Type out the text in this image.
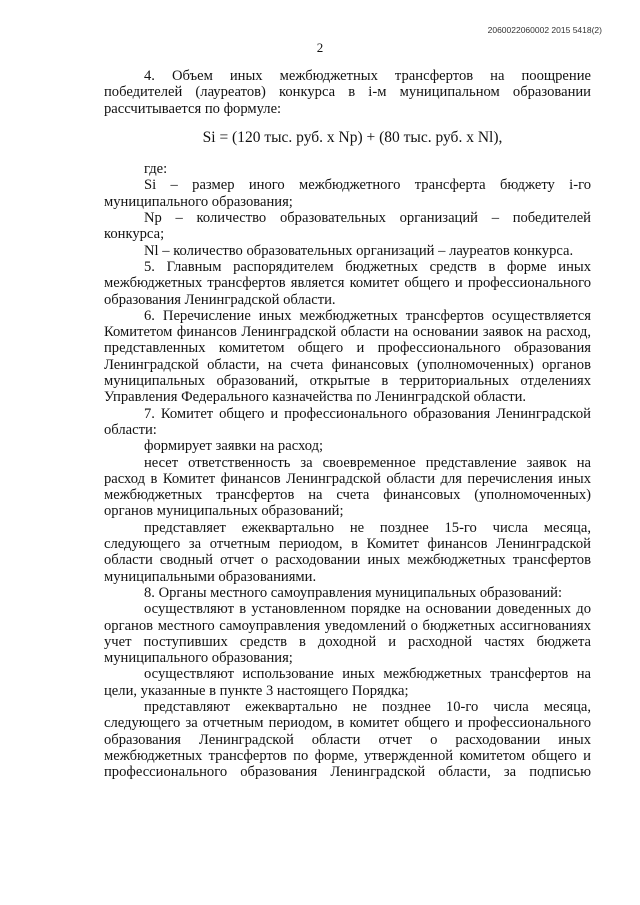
2060022060002 2015 5418(2)
2
4. Объем иных межбюджетных трансфертов на поощрение победителей (лауреатов) конкурса в i-м муниципальном образовании рассчитывается по формуле:
Si = (120 тыс. руб. x Np) + (80 тыс. руб. x Nl),
где:
Si – размер иного межбюджетного трансферта бюджету i-го муниципального образования;
Np – количество образовательных организаций – победителей конкурса;
Nl – количество образовательных организаций – лауреатов конкурса.
5. Главным распорядителем бюджетных средств в форме иных межбюджетных трансфертов является комитет общего и профессионального образования Ленинградской области.
6. Перечисление иных межбюджетных трансфертов осуществляется Комитетом финансов Ленинградской области на основании заявок на расход, представленных комитетом общего и профессионального образования Ленинградской области, на счета финансовых (уполномоченных) органов муниципальных образований, открытые в территориальных отделениях Управления Федерального казначейства по Ленинградской области.
7. Комитет общего и профессионального образования Ленинградской области:
формирует заявки на расход;
несет ответственность за своевременное представление заявок на расход в Комитет финансов Ленинградской области для перечисления иных межбюджетных трансфертов на счета финансовых (уполномоченных) органов муниципальных образований;
представляет ежеквартально не позднее 15-го числа месяца, следующего за отчетным периодом, в Комитет финансов Ленинградской области сводный отчет о расходовании иных межбюджетных трансфертов муниципальными образованиями.
8. Органы местного самоуправления муниципальных образований:
осуществляют в установленном порядке на основании доведенных до органов местного самоуправления уведомлений о бюджетных ассигнованиях учет поступивших средств в доходной и расходной частях бюджета муниципального образования;
осуществляют использование иных межбюджетных трансфертов на цели, указанные в пункте 3 настоящего Порядка;
представляют ежеквартально не позднее 10-го числа месяца, следующего за отчетным периодом, в комитет общего и профессионального образования Ленинградской области отчет о расходовании иных межбюджетных трансфертов по форме, утвержденной комитетом общего и профессионального образования Ленинградской области, за подписью
